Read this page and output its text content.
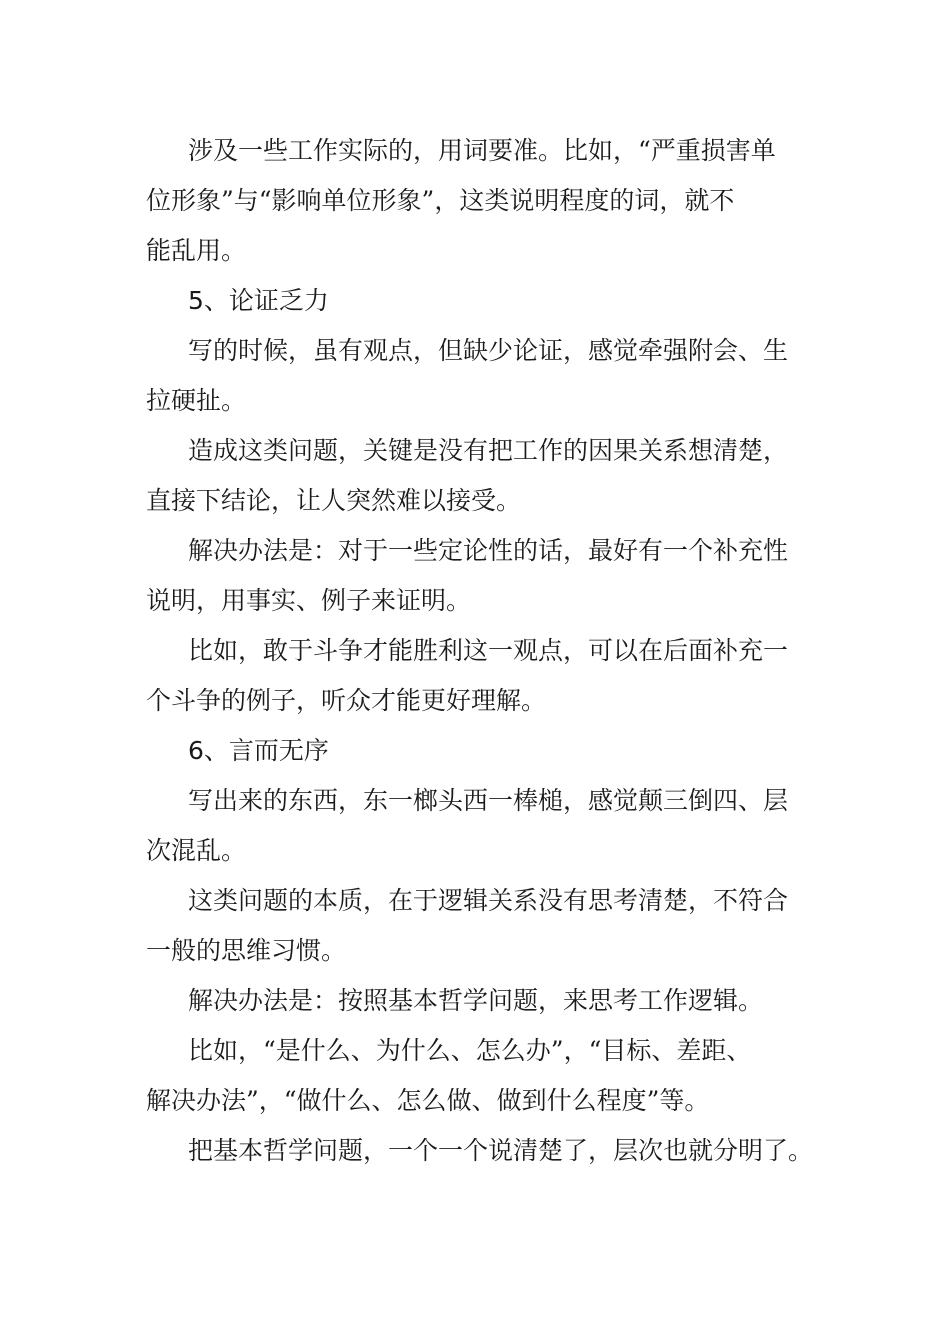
涉及一些工作实际的，用词要准。比如，“严重损害单
位形象”与“影响单位形象”，这类说明程度的词，就不
能乱用。

5、论证乏力

写的时候，虽有观点，但缺少论证，感觉牵强附会、生
拉硬扯。

造成这类问题，关键是没有把工作的因果关系想清楚，
直接下结论，让人突然难以接受。

解决办法是：对于一些定论性的话，最好有一个补充性
说明，用事实、例子来证明。

比如，敢于斗争才能胜利这一观点，可以在后面补充一
个斗争的例子，听众才能更好理解。

6、言而无序

写出来的东西，东一榔头西一棒槌，感觉颠三倒四、层
次混乱。

这类问题的本质，在于逻辑关系没有思考清楚，不符合
一般的思维习惯。

解决办法是：按照基本哲学问题，来思考工作逻辑。

比如，“是什么、为什么、怎么办”，“目标、差距、
解决办法”，“做什么、怎么做、做到什么程度”等。

把基本哲学问题，一个一个说清楚了，层次也就分明了。
